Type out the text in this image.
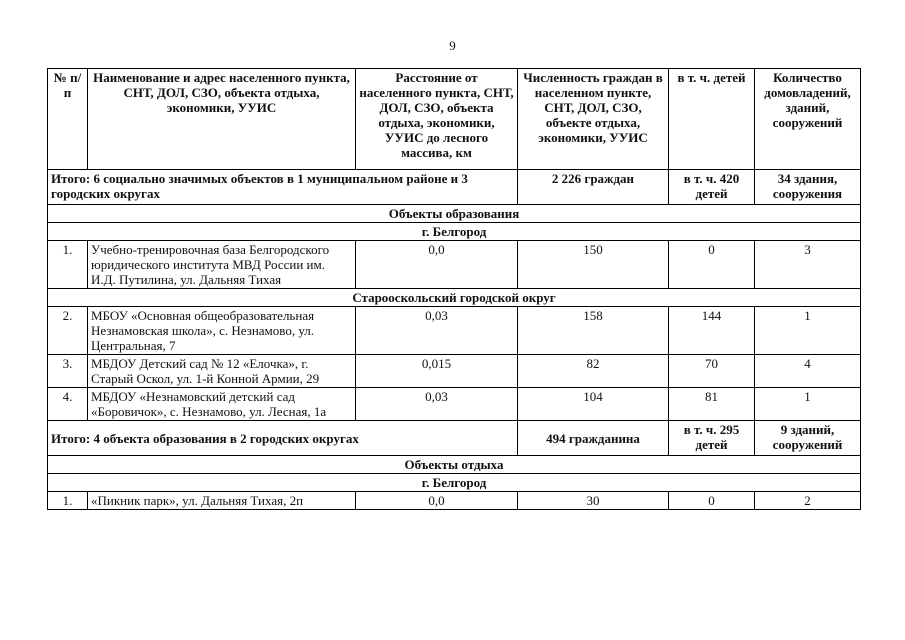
9
№ п/п	Наименование и адрес населенного пункта, СНТ, ДОЛ, СЗО, объекта отдыха, экономики, УУИС	Расстояние от населенного пункта, СНТ, ДОЛ, СЗО, объекта отдыха, экономики, УУИС до лесного массива, км	Численность граждан в населенном пункте, СНТ, ДОЛ, СЗО, объекте отдыха, экономики, УУИС	в т. ч. детей	Количество домовладений, зданий, сооружений
Итого: 6 социально значимых объектов в 1 муниципальном районе и 3 городских округах			2 226 граждан	в т. ч. 420 детей	34 здания, сооружения
Объекты образования					
г. Белгород					
1.	Учебно-тренировочная база Белгородского юридического института МВД России им. И.Д. Путилина, ул. Дальняя Тихая	0,0	150	0	3
Старооскольский городской округ					
2.	МБОУ «Основная общеобразовательная Незнамовская школа», с. Незнамово, ул. Центральная, 7	0,03	158	144	1
3.	МБДОУ Детский сад № 12 «Елочка», г. Старый Оскол, ул. 1-й Конной Армии, 29	0,015	82	70	4
4.	МБДОУ «Незнамовский детский сад «Боровичок», с. Незнамово, ул. Лесная, 1а	0,03	104	81	1
Итого: 4 объекта образования в 2 городских округах			494 гражданина	в т. ч. 295 детей	9 зданий, сооружений
Объекты отдыха					
г. Белгород					
1.	«Пикник парк», ул. Дальняя Тихая, 2п	0,0	30	0	2
